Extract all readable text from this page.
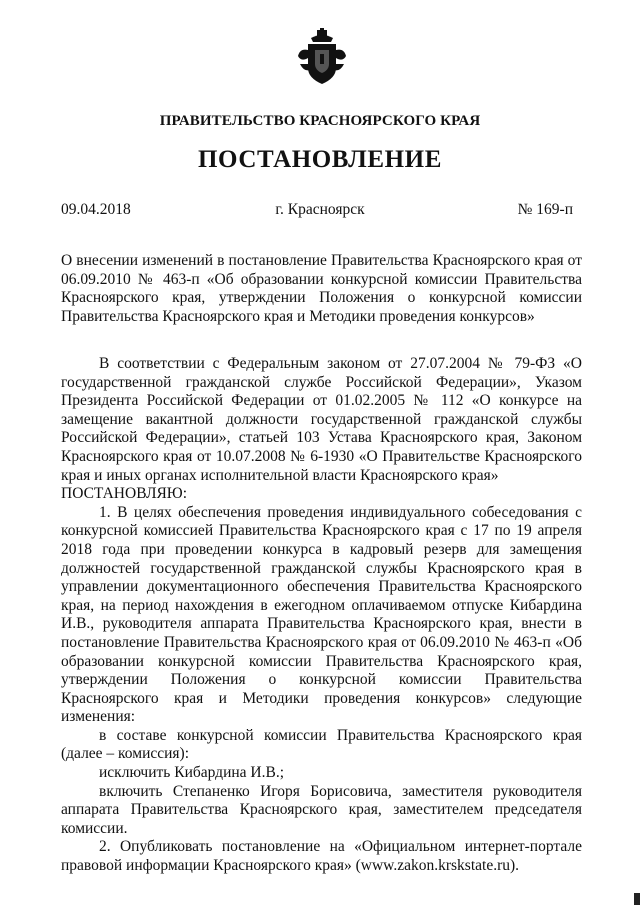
ПРАВИТЕЛЬСТВО КРАСНОЯРСКОГО КРАЯ
ПОСТАНОВЛЕНИЕ
09.04.2018	г. Красноярск	№ 169-п

О внесении изменений в постановление Правительства Красноярского края от 06.09.2010 № 463-п «Об образовании конкурсной комиссии Правительства Красноярского края, утверждении Положения о конкурсной комиссии Правительства Красноярского края и Методики проведения конкурсов»

В соответствии с Федеральным законом от 27.07.2004 № 79-ФЗ «О государственной гражданской службе Российской Федерации», Указом Президента Российской Федерации от 01.02.2005 № 112 «О конкурсе на замещение вакантной должности государственной гражданской службы Российской Федерации», статьей 103 Устава Красноярского края, Законом Красноярского края от 10.07.2008 № 6-1930 «О Правительстве Красноярского края и иных органах исполнительной власти Красноярского края»

ПОСТАНОВЛЯЮ:

1. В целях обеспечения проведения индивидуального собеседования с конкурсной комиссией Правительства Красноярского края с 17 по 19 апреля 2018 года при проведении конкурса в кадровый резерв для замещения должностей государственной гражданской службы Красноярского края в управлении документационного обеспечения Правительства Красноярского края, на период нахождения в ежегодном оплачиваемом отпуске Кибардина И.В., руководителя аппарата Правительства Красноярского края, внести в постановление Правительства Красноярского края от 06.09.2010 № 463-п «Об образовании конкурсной комиссии Правительства Красноярского края, утверждении Положения о конкурсной комиссии Правительства Красноярского края и Методики проведения конкурсов» следующие изменения:

в составе конкурсной комиссии Правительства Красноярского края (далее – комиссия):

исключить Кибардина И.В.;

включить Степаненко Игоря Борисовича, заместителя руководителя аппарата Правительства Красноярского края, заместителем председателя комиссии.

2. Опубликовать постановление на «Официальном интернет-портале правовой информации Красноярского края» (www.zakon.krskstate.ru).
